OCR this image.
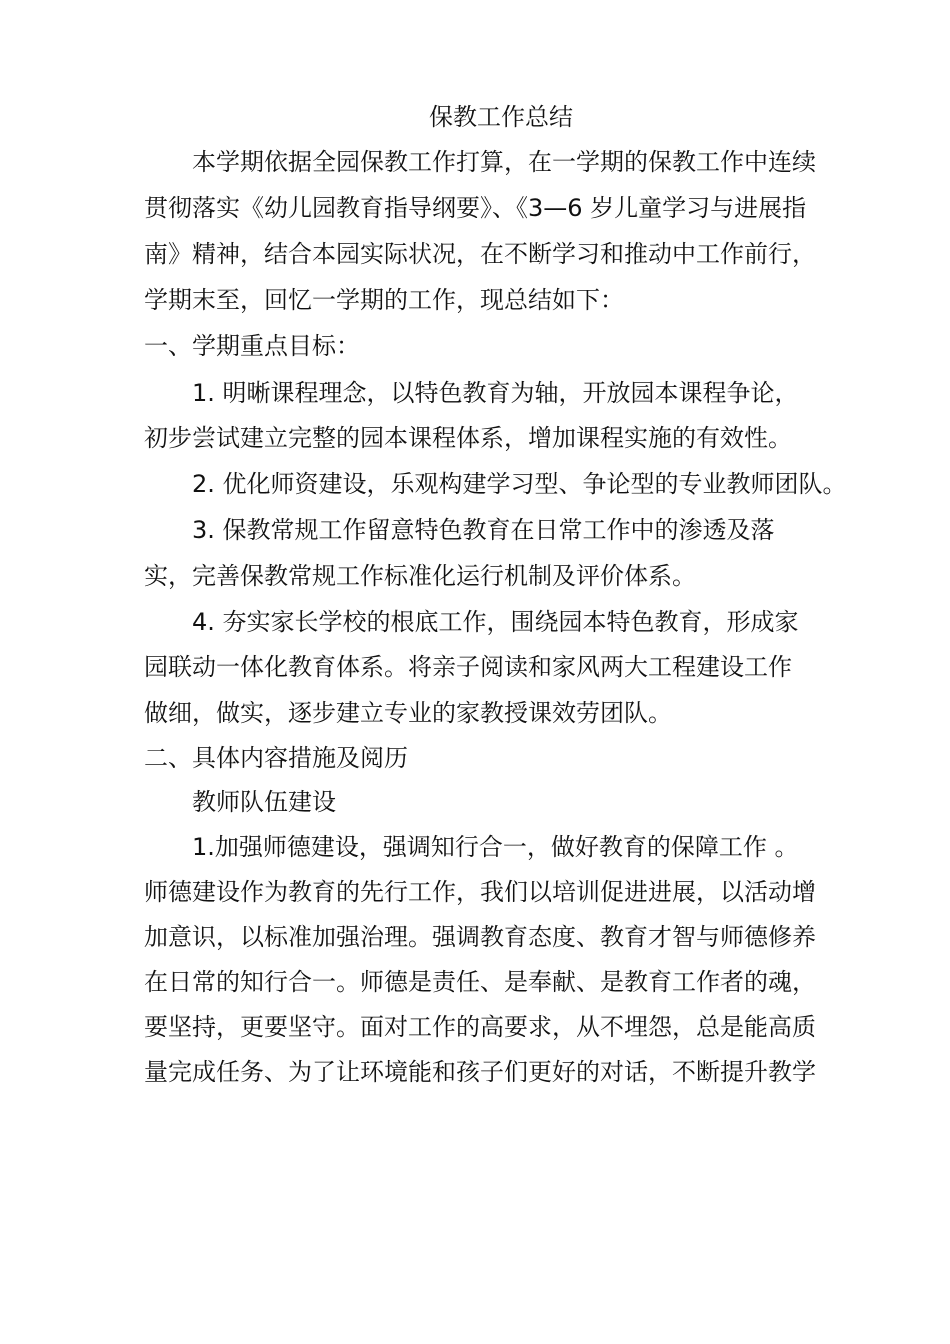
保教工作总结
本学期依据全园保教工作打算，在一学期的保教工作中连续
贯彻落实《幼儿园教育指导纲要》、《3—6 岁儿童学习与进展指
南》精神，结合本园实际状况，在不断学习和推动中工作前行，
学期末至，回忆一学期的工作，现总结如下：
一、学期重点目标：
1. 明晰课程理念，以特色教育为轴，开放园本课程争论，
初步尝试建立完整的园本课程体系，增加课程实施的有效性。
2. 优化师资建设，乐观构建学习型、争论型的专业教师团队。
3. 保教常规工作留意特色教育在日常工作中的渗透及落
实，完善保教常规工作标准化运行机制及评价体系。
4. 夯实家长学校的根底工作，围绕园本特色教育，形成家
园联动一体化教育体系。将亲子阅读和家风两大工程建设工作
做细，做实，逐步建立专业的家教授课效劳团队。
二、具体内容措施及阅历
教师队伍建设
1.加强师德建设，强调知行合一，做好教育的保障工作 。
师德建设作为教育的先行工作，我们以培训促进进展，以活动增
加意识，以标准加强治理。强调教育态度、教育才智与师德修养
在日常的知行合一。师德是责任、是奉献、是教育工作者的魂，
要坚持，更要坚守。面对工作的高要求，从不埋怨，总是能高质
量完成任务、为了让环境能和孩子们更好的对话，不断提升教学
